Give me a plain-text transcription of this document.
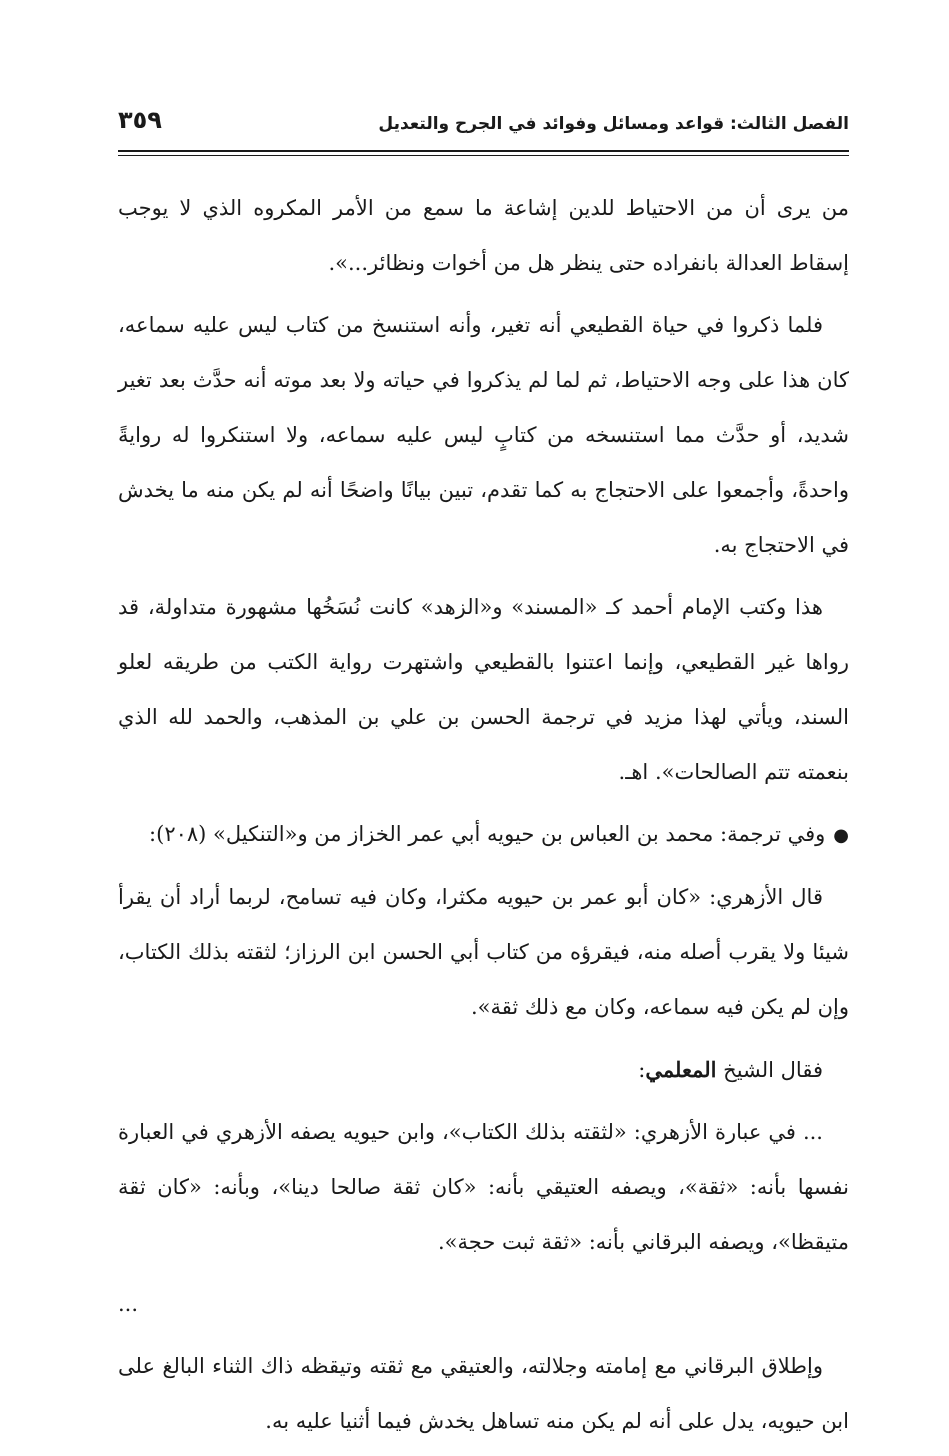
الفصل الثالث: قواعد ومسائل وفوائد في الجرح والتعديل
٣٥٩

من يرى أن من الاحتياط للدين إشاعة ما سمع من الأمر المكروه الذي لا يوجب إسقاط العدالة بانفراده حتى ينظر هل من أخوات ونظائر...».

فلما ذكروا في حياة القطيعي أنه تغير، وأنه استنسخ من كتاب ليس عليه سماعه، كان هذا على وجه الاحتياط، ثم لما لم يذكروا في حياته ولا بعد موته أنه حدَّث بعد تغير شديد، أو حدَّث مما استنسخه من كتابٍ ليس عليه سماعه، ولا استنكروا له روايةً واحدةً، وأجمعوا على الاحتجاج به كما تقدم، تبين بيانًا واضحًا أنه لم يكن منه ما يخدش في الاحتجاج به.

هذا وكتب الإمام أحمد كـ «المسند» و«الزهد» كانت نُسَخُها مشهورة متداولة، قد رواها غير القطيعي، وإنما اعتنوا بالقطيعي واشتهرت رواية الكتب من طريقه لعلو السند، ويأتي لهذا مزيد في ترجمة الحسن بن علي بن المذهب، والحمد لله الذي بنعمته تتم الصالحات». اهـ.

●وفي ترجمة: محمد بن العباس بن حيويه أبي عمر الخزاز من و«التنكيل» (٢٠٨):

قال الأزهري: «كان أبو عمر بن حيويه مكثرا، وكان فيه تسامح، لربما أراد أن يقرأ شيئا ولا يقرب أصله منه، فيقرؤه من كتاب أبي الحسن ابن الرزاز؛ لثقته بذلك الكتاب، وإن لم يكن فيه سماعه، وكان مع ذلك ثقة».

فقال الشيخ المعلمي:

... في عبارة الأزهري: «لثقته بذلك الكتاب»، وابن حيويه يصفه الأزهري في العبارة نفسها بأنه: «ثقة»، ويصفه العتيقي بأنه: «كان ثقة صالحا دينا»، وبأنه: «كان ثقة متيقظا»، ويصفه البرقاني بأنه: «ثقة ثبت حجة».

...

وإطلاق البرقاني مع إمامته وجلالته، والعتيقي مع ثقته وتيقظه ذاك الثناء البالغ على ابن حيويه، يدل على أنه لم يكن منه تساهل يخدش فيما أثنيا عليه به.
